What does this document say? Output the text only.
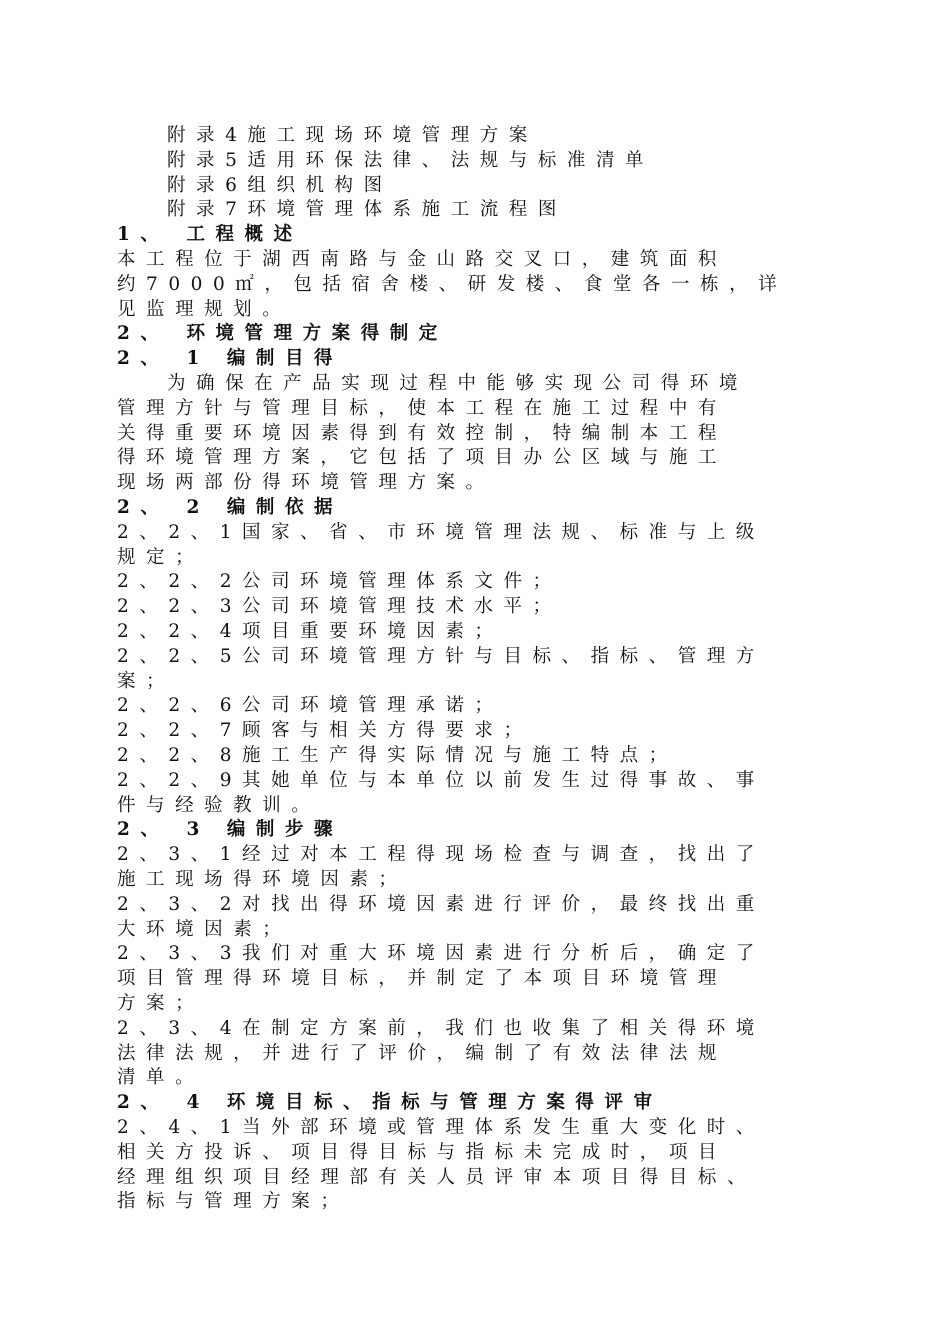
附录4施工现场环境管理方案
附录5适用环保法律、法规与标准清单
附录6组织机构图
附录7环境管理体系施工流程图
1、 工程概述
本工程位于湖西南路与金山路交叉口，建筑面积
约7000㎡，包括宿舍楼、研发楼、食堂各一栋，详
见监理规划。
2、 环境管理方案得制定
2、 1 编制目得
为确保在产品实现过程中能够实现公司得环境
管理方针与管理目标，使本工程在施工过程中有
关得重要环境因素得到有效控制，特编制本工程
得环境管理方案，它包括了项目办公区域与施工
现场两部份得环境管理方案。
2、 2 编制依据
2、2、1国家、省、市环境管理法规、标准与上级
规定；
2、2、2公司环境管理体系文件；
2、2、3公司环境管理技术水平；
2、2、4项目重要环境因素；
2、2、5公司环境管理方针与目标、指标、管理方
案；
2、2、6公司环境管理承诺；
2、2、7顾客与相关方得要求；
2、2、8施工生产得实际情况与施工特点；
2、2、9其她单位与本单位以前发生过得事故、事
件与经验教训。
2、 3 编制步骤
2、3、1经过对本工程得现场检查与调查，找出了
施工现场得环境因素；
2、3、2对找出得环境因素进行评价，最终找出重
大环境因素；
2、3、3我们对重大环境因素进行分析后，确定了
项目管理得环境目标，并制定了本项目环境管理
方案；
2、3、4在制定方案前，我们也收集了相关得环境
法律法规，并进行了评价，编制了有效法律法规
清单。
2、 4 环境目标、指标与管理方案得评审
2、4、1当外部环境或管理体系发生重大变化时、
相关方投诉、项目得目标与指标未完成时，项目
经理组织项目经理部有关人员评审本项目得目标、
指标与管理方案；
